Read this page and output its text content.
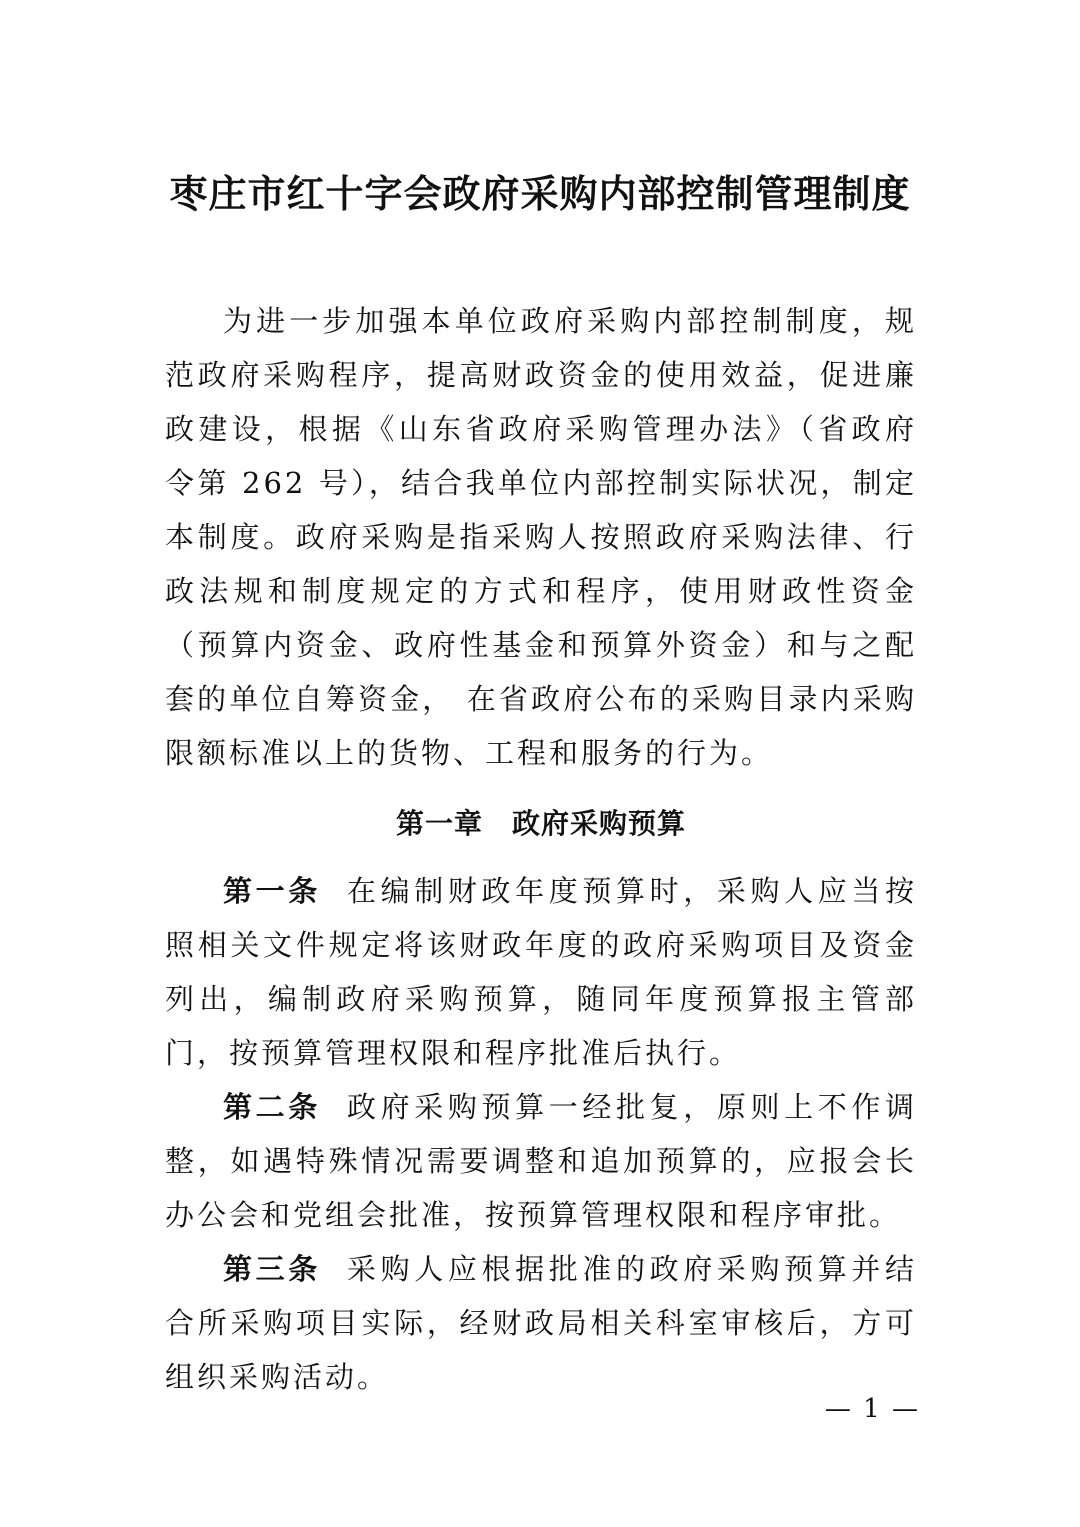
枣庄市红十字会政府采购内部控制管理制度

为进一步加强本单位政府采购内部控制制度，规范政府采购程序，提高财政资金的使用效益，促进廉政建设，根据《山东省政府采购管理办法》（省政府令第 262 号），结合我单位内部控制实际状况，制定本制度。政府采购是指采购人按照政府采购法律、行政法规和制度规定的方式和程序，使用财政性资金（预算内资金、政府性基金和预算外资金）和与之配套的单位自筹资金， 在省政府公布的采购目录内采购限额标准以上的货物、工程和服务的行为。

第一章　政府采购预算

第一条 在编制财政年度预算时，采购人应当按照相关文件规定将该财政年度的政府采购项目及资金列出，编制政府采购预算，随同年度预算报主管部门，按预算管理权限和程序批准后执行。

第二条 政府采购预算一经批复，原则上不作调整，如遇特殊情况需要调整和追加预算的，应报会长办公会和党组会批准，按预算管理权限和程序审批。

第三条 采购人应根据批准的政府采购预算并结合所采购项目实际，经财政局相关科室审核后，方可组织采购活动。

— 1 —
